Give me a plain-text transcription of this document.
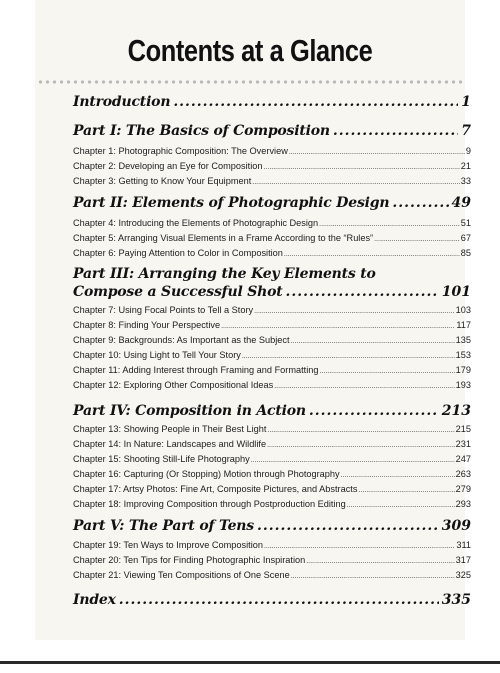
Contents at a Glance
Introduction .....	1
Part I: The Basics of Composition .....	7
Chapter 1: Photographic Composition: The Overview .....	9
Chapter 2: Developing an Eye for Composition .....	21
Chapter 3: Getting to Know Your Equipment .....	33
Part II: Elements of Photographic Design .....	49
Chapter 4: Introducing the Elements of Photographic Design .....	51
Chapter 5: Arranging Visual Elements in a Frame According to the “Rules” .....	67
Chapter 6: Paying Attention to Color in Composition .....	85
Part III: Arranging the Key Elements to
Compose a Successful Shot .....	101
Chapter 7: Using Focal Points to Tell a Story .....	103
Chapter 8: Finding Your Perspective .....	117
Chapter 9: Backgrounds: As Important as the Subject .....	135
Chapter 10: Using Light to Tell Your Story .....	153
Chapter 11: Adding Interest through Framing and Formatting .....	179
Chapter 12: Exploring Other Compositional Ideas .....	193
Part IV: Composition in Action .....	213
Chapter 13: Showing People in Their Best Light .....	215
Chapter 14: In Nature: Landscapes and Wildlife .....	231
Chapter 15: Shooting Still-Life Photography .....	247
Chapter 16: Capturing (Or Stopping) Motion through Photography .....	263
Chapter 17: Artsy Photos: Fine Art, Composite Pictures, and Abstracts .....	279
Chapter 18: Improving Composition through Postproduction Editing .....	293
Part V: The Part of Tens .....	309
Chapter 19: Ten Ways to Improve Composition .....	311
Chapter 20: Ten Tips for Finding Photographic Inspiration .....	317
Chapter 21: Viewing Ten Compositions of One Scene .....	325
Index .....	335
